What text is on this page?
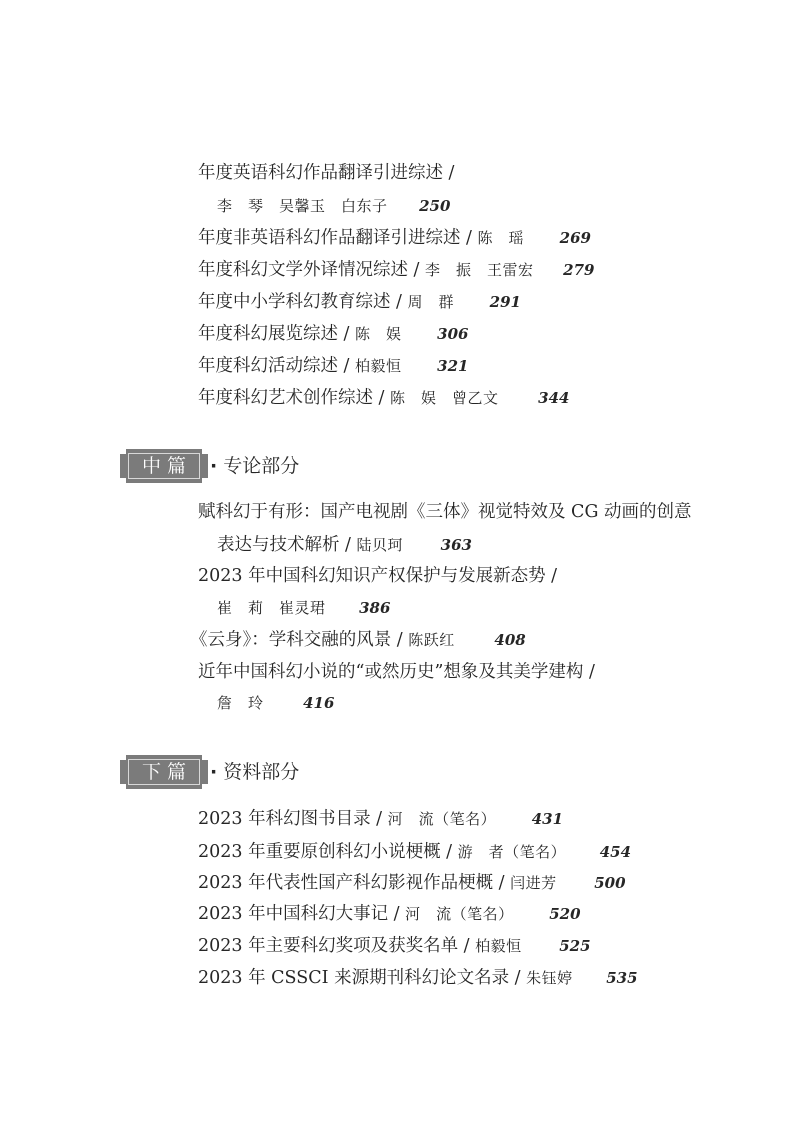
年度英语科幻作品翻译引进综述 /
李　琴　吴馨玉　白东子 250
年度非英语科幻作品翻译引进综述 / 陈　瑶 269
年度科幻文学外译情况综述 / 李　振　王雷宏 279
年度中小学科幻教育综述 / 周　群 291
年度科幻展览综述 / 陈　娱 306
年度科幻活动综述 / 柏毅恒 321
年度科幻艺术创作综述 / 陈　娱　曾乙文	344
中篇 · 专论部分
赋科幻于有形：国产电视剧《三体》视觉特效及 CG 动画的创意
表达与技术解析 / 陆贝珂	363
2023 年中国科幻知识产权保护与发展新态势 /
崔　莉　崔灵珺 386
《云身》：学科交融的风景 / 陈跃红	408
近年中国科幻小说的“或然历史”想象及其美学建构 /
詹　玲	416
下篇 · 资料部分
2023 年科幻图书目录 / 河　流（笔名） 431
2023 年重要原创科幻小说梗概 / 游　者（笔名） 454
2023 年代表性国产科幻影视作品梗概 / 闫进芳	500
2023 年中国科幻大事记 / 河　流（笔名） 520
2023 年主要科幻奖项及获奖名单 / 柏毅恒	525
2023 年 CSSCI 来源期刊科幻论文名录 / 朱钰婷 535
